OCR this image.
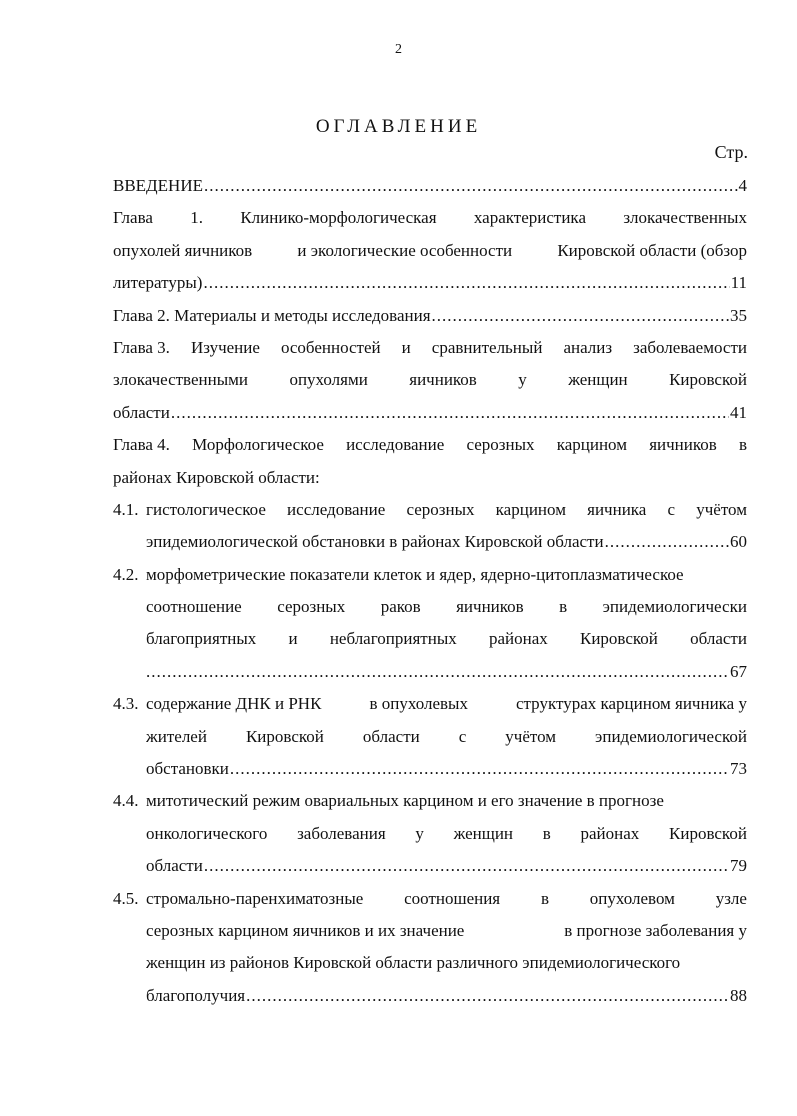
2
ОГЛАВЛЕНИЕ
Стр.
ВВЕДЕНИЕ .....	4
Глава 1. Клинико-морфологическая характеристика злокачественных
опухолей яичников	и экологические особенности	Кировской области (обзор
литературы) .....	11
Глава 2. Материалы и методы исследования .....	35
Глава 3. Изучение особенностей и сравнительный анализ заболеваемости
злокачественными опухолями яичников у женщин Кировской
области .....	41
Глава 4. Морфологическое исследование серозных карцином яичников в
районах Кировской области:
4.1. гистологическое исследование серозных карцином яичника с учётом
эпидемиологической обстановки в районах Кировской области .....	60
4.2. морфометрические показатели клеток и ядер, ядерно-цитоплазматическое
соотношение серозных раков яичников в эпидемиологически
благоприятных и неблагоприятных районах Кировской области
.....
67
4.3. содержание ДНК и РНК	в опухолевых	структурах карцином яичника у
жителей Кировской области с учётом эпидемиологической
обстановки .....	73
4.4. митотический режим овариальных карцином и его значение в прогнозе
онкологического заболевания у женщин в районах Кировской
области .....	79
4.5. стромально-паренхиматозные соотношения в опухолевом узле
серозных карцином яичников и их значение	в прогнозе заболевания у
женщин из районов Кировской области различного эпидемиологического
благополучия .....	88
